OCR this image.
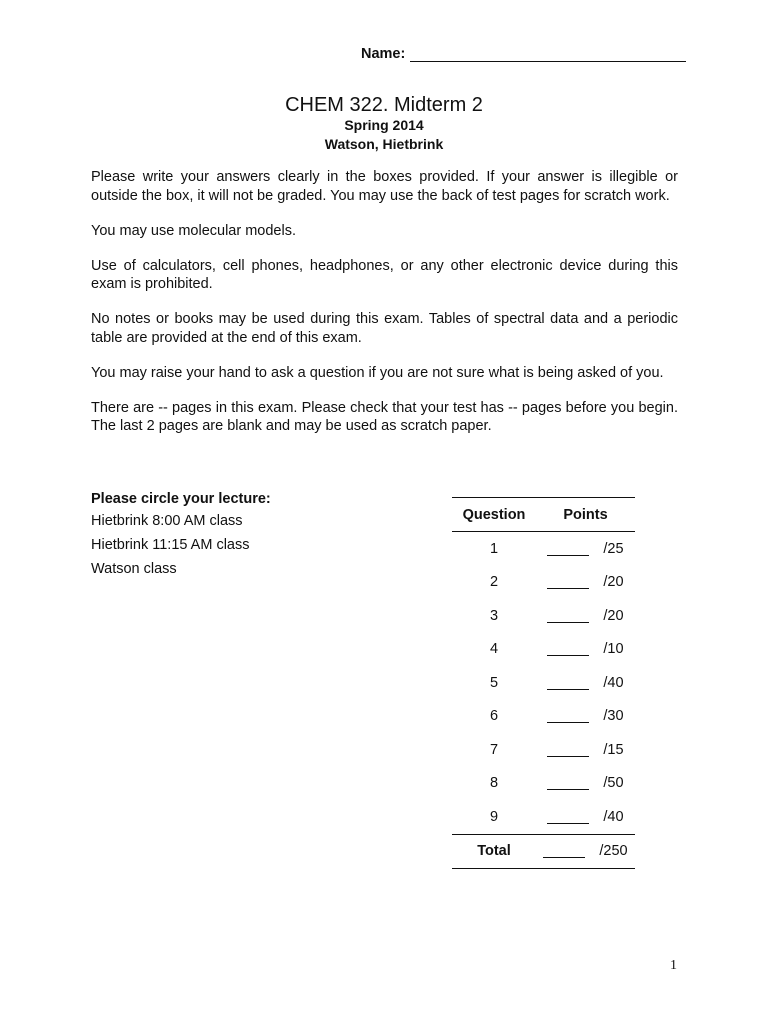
Name:
CHEM 322. Midterm 2
Spring 2014
Watson, Hietbrink

Please write your answers clearly in the boxes provided. If your answer is illegible or outside the box, it will not be graded. You may use the back of test pages for scratch work.

You may use molecular models.

Use of calculators, cell phones, headphones, or any other electronic device during this exam is prohibited.

No notes or books may be used during this exam. Tables of spectral data and a periodic table are provided at the end of this exam.

You may raise your hand to ask a question if you are not sure what is being asked of you.

There are -- pages in this exam. Please check that your test has -- pages before you begin. The last 2 pages are blank and may be used as scratch paper.

Please circle your lecture:
Hietbrink 8:00 AM class
Hietbrink 11:15 AM class
Watson class
Question	Points
1	/25
2	/20
3	/20
4	/10
5	/40
6	/30
7	/15
8	/50
9	/40
Total	/250
1
